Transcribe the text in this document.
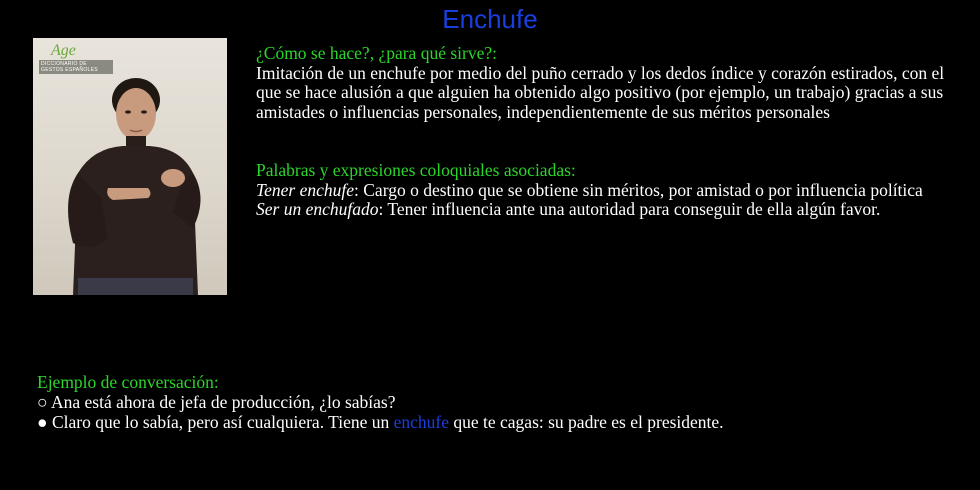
Enchufe
Age
DICCIONARIO DE GESTOS ESPAÑOLES
¿Cómo se hace?, ¿para qué sirve?:
Imitación de un enchufe por medio del puño cerrado y los dedos índice y corazón estirados, con el que se hace alusión a que alguien ha obtenido algo positivo (por ejemplo, un trabajo) gracias a sus amistades o influencias personales, independientemente de sus méritos personales
Palabras y expresiones coloquiales asociadas:
Tener enchufe: Cargo o destino que se obtiene sin méritos, por amistad o por influencia política
Ser un enchufado: Tener influencia ante una autoridad para conseguir de ella algún favor.
Ejemplo de conversación:
○ Ana está ahora de jefa de producción, ¿lo sabías?
● Claro que lo sabía, pero así cualquiera. Tiene un enchufe que te cagas: su padre es el presidente.
